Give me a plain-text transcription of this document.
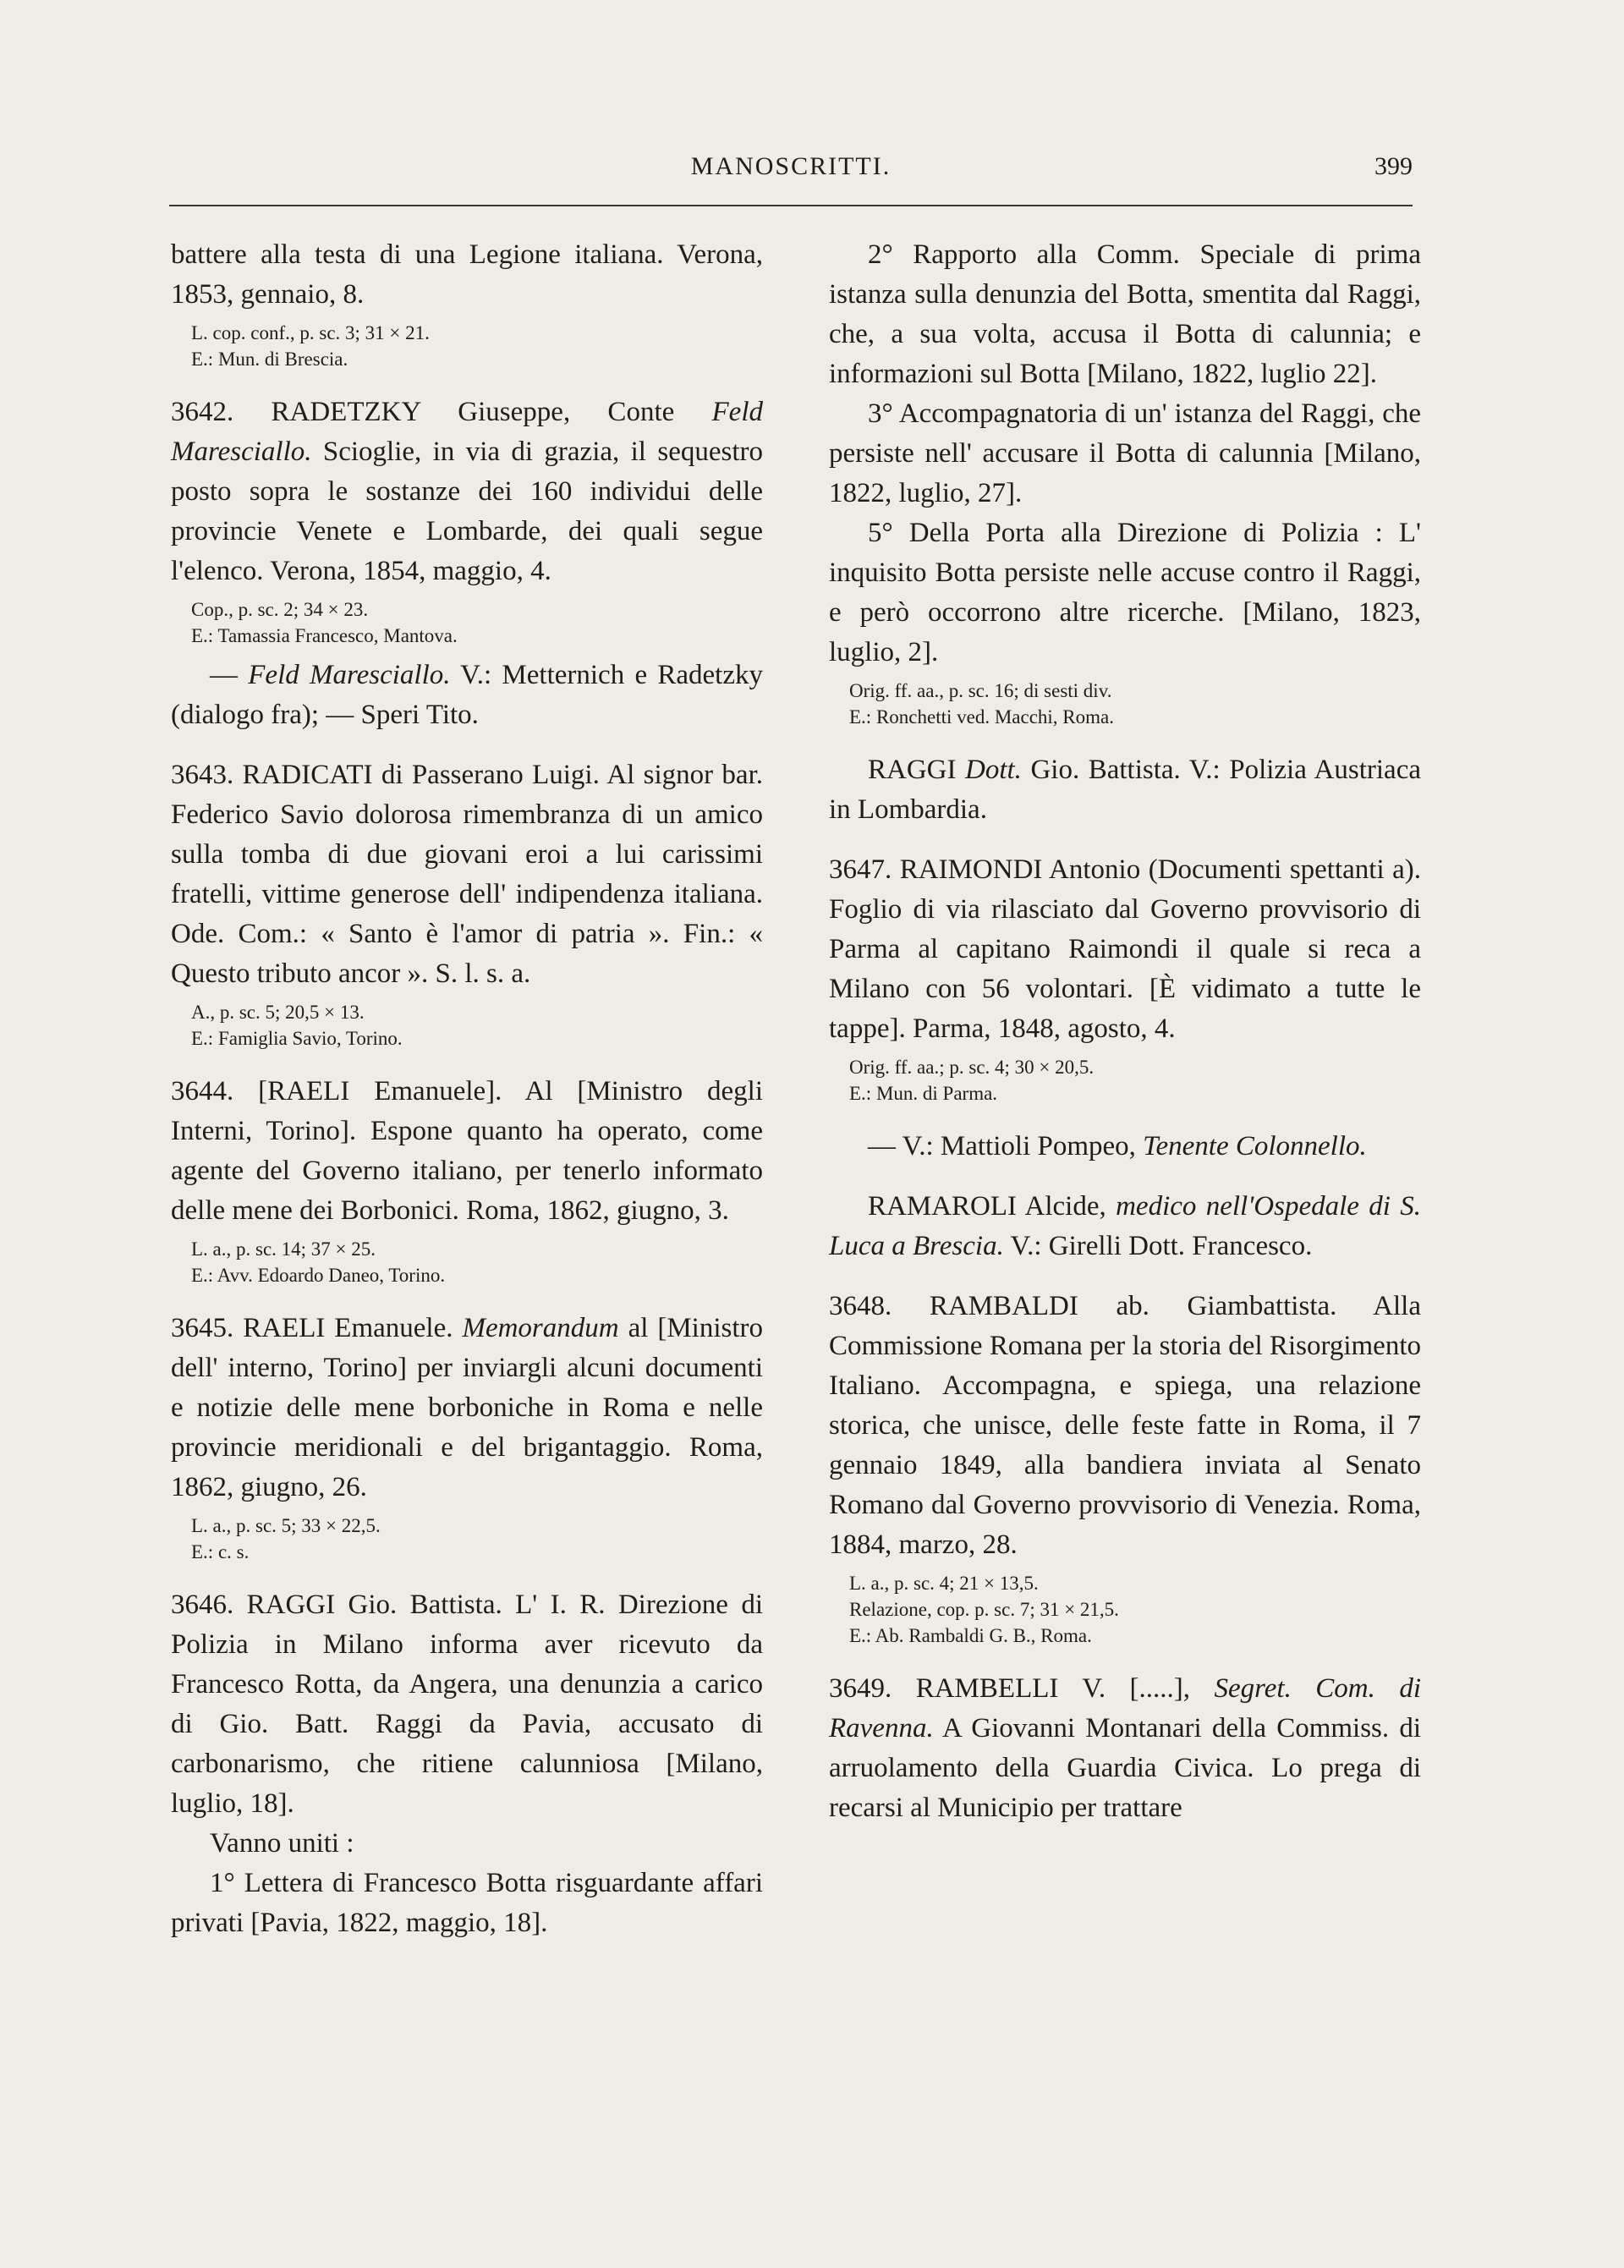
MANOSCRITTI.	399

battere alla testa di una Legione italiana. Verona, 1853, gennaio, 8.

L. cop. conf., p. sc. 3; 31 × 21.
E.: Mun. di Brescia.

3642. RADETZKY Giuseppe, Conte Feld Maresciallo. Scioglie, in via di grazia, il sequestro posto sopra le sostanze dei 160 individui delle provincie Venete e Lombarde, dei quali segue l'elenco. Verona, 1854, maggio, 4.

Cop., p. sc. 2; 34 × 23.
E.: Tamassia Francesco, Mantova.

— Feld Maresciallo. V.: Metternich e Radetzky (dialogo fra); — Speri Tito.

3643. RADICATI di Passerano Luigi. Al signor bar. Federico Savio dolorosa rimembranza di un amico sulla tomba di due giovani eroi a lui carissimi fratelli, vittime generose dell' indipendenza italiana. Ode. Com.: « Santo è l'amor di patria ». Fin.: « Questo tributo ancor ». S. l. s. a.

A., p. sc. 5; 20,5 × 13.
E.: Famiglia Savio, Torino.

3644. [RAELI Emanuele]. Al [Ministro degli Interni, Torino]. Espone quanto ha operato, come agente del Governo italiano, per tenerlo informato delle mene dei Borbonici. Roma, 1862, giugno, 3.

L. a., p. sc. 14; 37 × 25.
E.: Avv. Edoardo Daneo, Torino.

3645. RAELI Emanuele. Memorandum al [Ministro dell' interno, Torino] per inviargli alcuni documenti e notizie delle mene borboniche in Roma e nelle provincie meridionali e del brigantaggio. Roma, 1862, giugno, 26.

L. a., p. sc. 5; 33 × 22,5.
E.: c. s.

3646. RAGGI Gio. Battista. L' I. R. Direzione di Polizia in Milano informa aver ricevuto da Francesco Rotta, da Angera, una denunzia a carico di Gio. Batt. Raggi da Pavia, accusato di carbonarismo, che ritiene calunniosa [Milano, luglio, 18].

Vanno uniti :

1° Lettera di Francesco Botta risguardante affari privati [Pavia, 1822, maggio, 18].

2° Rapporto alla Comm. Speciale di prima istanza sulla denunzia del Botta, smentita dal Raggi, che, a sua volta, accusa il Botta di calunnia; e informazioni sul Botta [Milano, 1822, luglio 22].

3° Accompagnatoria di un' istanza del Raggi, che persiste nell' accusare il Botta di calunnia [Milano, 1822, luglio, 27].

5° Della Porta alla Direzione di Polizia : L' inquisito Botta persiste nelle accuse contro il Raggi, e però occorrono altre ricerche. [Milano, 1823, luglio, 2].

Orig. ff. aa., p. sc. 16; di sesti div.
E.: Ronchetti ved. Macchi, Roma.

RAGGI Dott. Gio. Battista. V.: Polizia Austriaca in Lombardia.

3647. RAIMONDI Antonio (Documenti spettanti a). Foglio di via rilasciato dal Governo provvisorio di Parma al capitano Raimondi il quale si reca a Milano con 56 volontari. [È vidimato a tutte le tappe]. Parma, 1848, agosto, 4.

Orig. ff. aa.; p. sc. 4; 30 × 20,5.
E.: Mun. di Parma.

— V.: Mattioli Pompeo, Tenente Colonnello.

RAMAROLI Alcide, medico nell'Ospedale di S. Luca a Brescia. V.: Girelli Dott. Francesco.

3648. RAMBALDI ab. Giambattista. Alla Commissione Romana per la storia del Risorgimento Italiano. Accompagna, e spiega, una relazione storica, che unisce, delle feste fatte in Roma, il 7 gennaio 1849, alla bandiera inviata al Senato Romano dal Governo provvisorio di Venezia. Roma, 1884, marzo, 28.

L. a., p. sc. 4; 21 × 13,5.
Relazione, cop. p. sc. 7; 31 × 21,5.
E.: Ab. Rambaldi G. B., Roma.

3649. RAMBELLI V. [.....], Segret. Com. di Ravenna. A Giovanni Montanari della Commiss. di arruolamento della Guardia Civica. Lo prega di recarsi al Municipio per trattare
